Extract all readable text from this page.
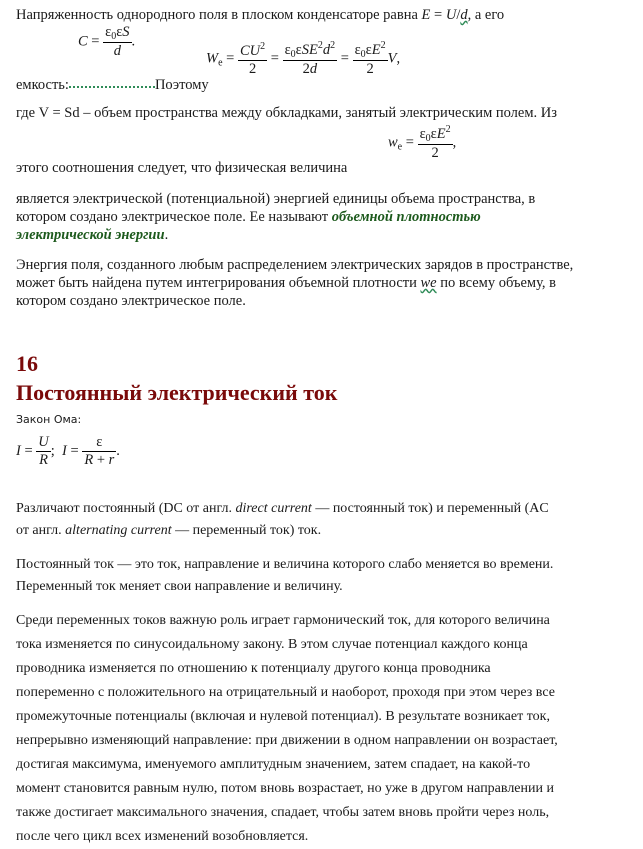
Напряженность однородного поля в плоском конденсаторе равна E = U/d, а его
$C = \frac{\varepsilon_0\varepsilon S}{d}$ .
$W_e = \frac{CU^2}{2} = \frac{\varepsilon_0\varepsilon SE^2d^2}{2d} = \frac{\varepsilon_0\varepsilon E^2}{2} V$,
емкость:	Поэтому
где V = Sd – объем пространства между обкладками, занятый электрическим полем. Из
$w_e = \frac{\varepsilon_0\varepsilon E^2}{2}$ ,
этого соотношения следует, что физическая величина
является электрической (потенциальной) энергией единицы объема пространства, в
котором создано электрическое поле. Ее называют объемной плотностью
электрической энергии.
Энергия поля, созданного любым распределением электрических зарядов в пространстве,
может быть найдена путем интегрирования объемной плотности we по всему объему, в
котором создано электрическое поле.
16
Постоянный электрический ток
Закон Ома:
$I = \frac{U}{R}$ ;  $I = \frac{\varepsilon}{R + r}$ .
Различают постоянный (DC от англ. direct current — постоянный ток) и переменный (AC
от англ. alternating current — переменный ток) ток.
Постоянный ток — это ток, направление и величина которого слабо меняется во времени.
Переменный ток меняет свои направление и величину.
Среди переменных токов важную роль играет гармонический ток, для которого величина
тока изменяется по синусоидальному закону. В этом случае потенциал каждого конца
проводника изменяется по отношению к потенциалу другого конца проводника
попеременно с положительного на отрицательный и наоборот, проходя при этом через все
промежуточные потенциалы (включая и нулевой потенциал). В результате возникает ток,
непрерывно изменяющий направление: при движении в одном направлении он возрастает,
достигая максимума, именуемого амплитудным значением, затем спадает, на какой-то
момент становится равным нулю, потом вновь возрастает, но уже в другом направлении и
также достигает максимального значения, спадает, чтобы затем вновь пройти через ноль,
после чего цикл всех изменений возобновляется.
